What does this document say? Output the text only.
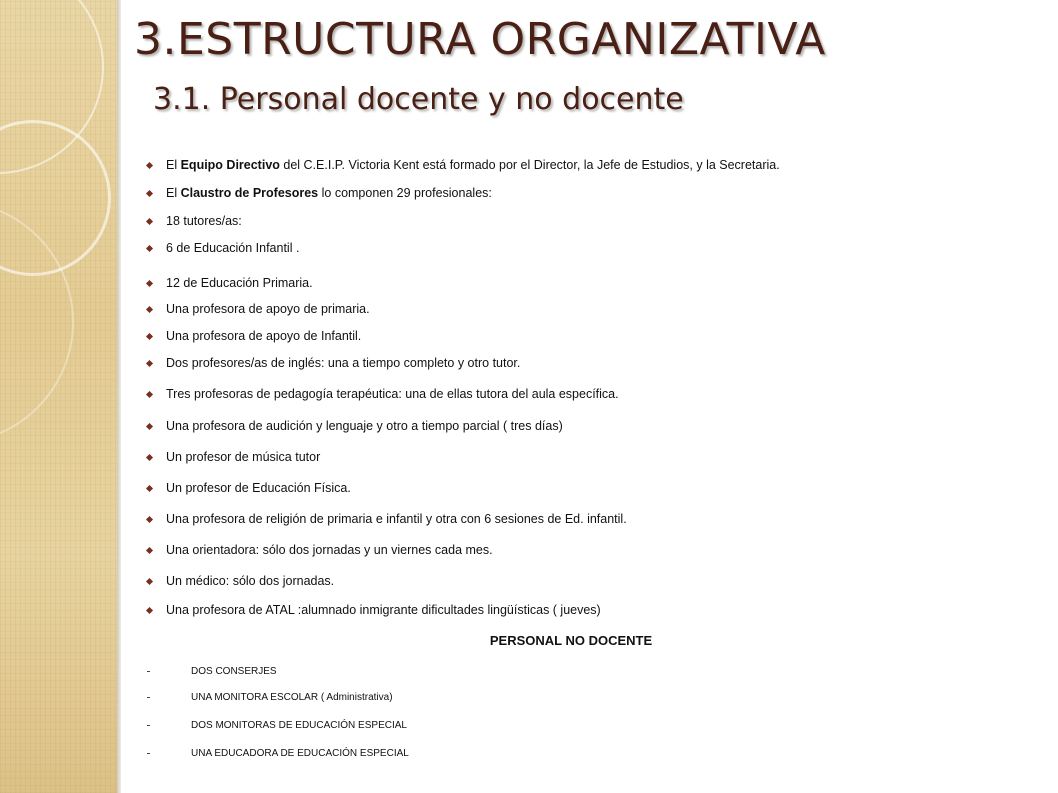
3.ESTRUCTURA ORGANIZATIVA
3.1. Personal docente y no docente
El Equipo Directivo del C.E.I.P. Victoria Kent está formado por el Director, la Jefe de Estudios, y la Secretaria.
El Claustro de Profesores lo componen 29 profesionales:
18 tutores/as:
6 de Educación Infantil .
12 de Educación Primaria.
Una profesora de apoyo de primaria.
Una profesora de apoyo de Infantil.
Dos profesores/as de inglés: una a tiempo completo y otro tutor.
Tres profesoras de pedagogía terapéutica: una de ellas tutora del aula específica.
Una profesora de audición y lenguaje y otro a tiempo parcial ( tres días)
Un profesor de música tutor
Un profesor de Educación Física.
Una profesora de religión de primaria e infantil y otra con 6 sesiones de Ed. infantil.
Una orientadora: sólo dos jornadas y un viernes cada mes.
Un médico: sólo dos jornadas.
Una profesora de ATAL :alumnado inmigrante dificultades lingüísticas ( jueves)
PERSONAL NO DOCENTE
DOS CONSERJES
UNA MONITORA ESCOLAR ( Administrativa)
DOS MONITORAS DE EDUCACIÓN ESPECIAL
UNA EDUCADORA DE EDUCACIÓN ESPECIAL
